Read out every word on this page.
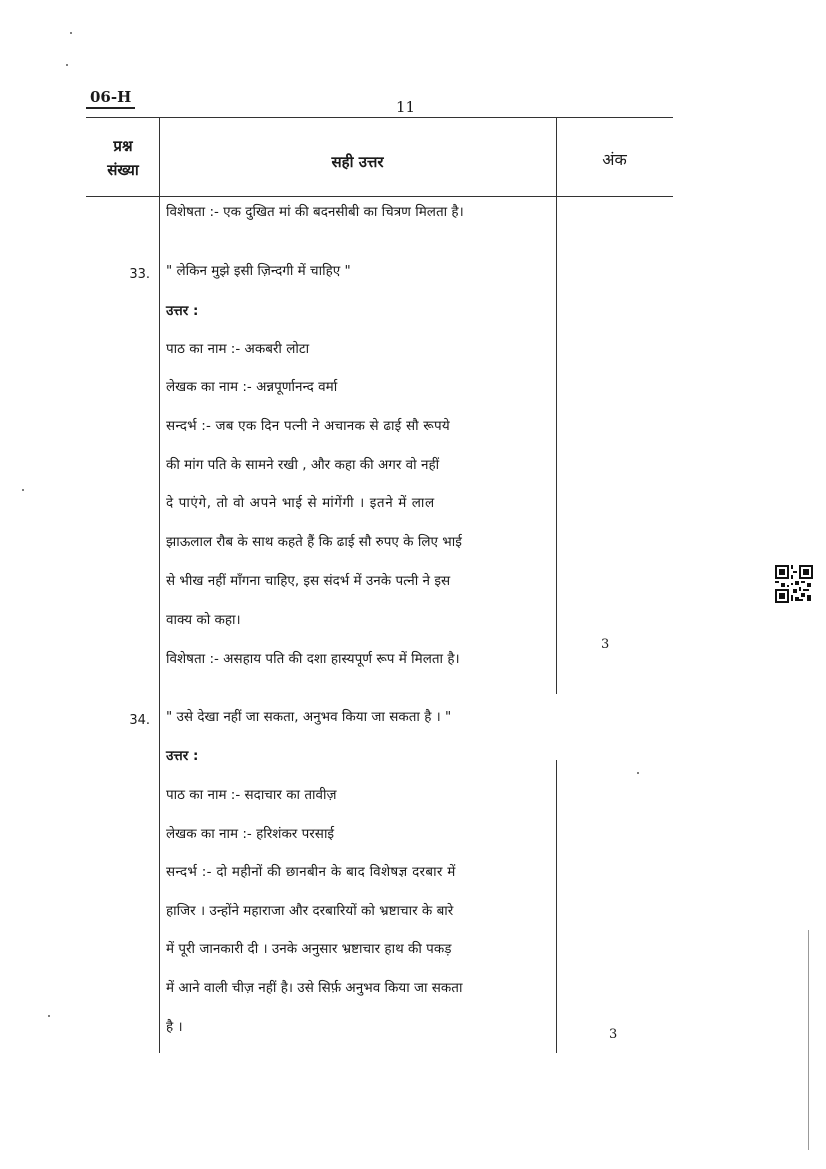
06-H
11
प्रश्न
संख्या	सही उत्तर	अंक
विशेषता :- एक दुखित मां की बदनसीबी का चित्रण मिलता है।
33. " लेकिन मुझे इसी ज़िन्दगी में चाहिए "
उत्तर :
पाठ का नाम :- अकबरी लोटा
लेखक का नाम :- अन्नपूर्णानन्द वर्मा
सन्दर्भ :- जब एक दिन पत्नी ने अचानक से ढाई सौ रूपये
की मांग पति के सामने रखी , और कहा की अगर वो नहीं
दे पाएंगे, तो वो अपने भाई से मांगेंगी । इतने में लाल
झाऊलाल रौब के साथ कहते हैं कि ढाई सौ रुपए के लिए भाई
से भीख नहीं माँगना चाहिए, इस संदर्भ में उनके पत्नी ने इस
वाक्य को कहा।
विशेषता :- असहाय पति की दशा हास्यपूर्ण रूप में मिलता है।
3
34. " उसे देखा नहीं जा सकता, अनुभव किया जा सकता है । "
उत्तर :
पाठ का नाम :- सदाचार का तावीज़
लेखक का नाम :- हरिशंकर परसाई
सन्दर्भ :- दो महीनों की छानबीन के बाद विशेषज्ञ दरबार में
हाजिर । उन्होंने महाराजा और दरबारियों को भ्रष्टाचार के बारे
में पूरी जानकारी दी । उनके अनुसार भ्रष्टाचार हाथ की पकड़
में आने वाली चीज़ नहीं है। उसे सिर्फ़ अनुभव किया जा सकता
है ।	3
